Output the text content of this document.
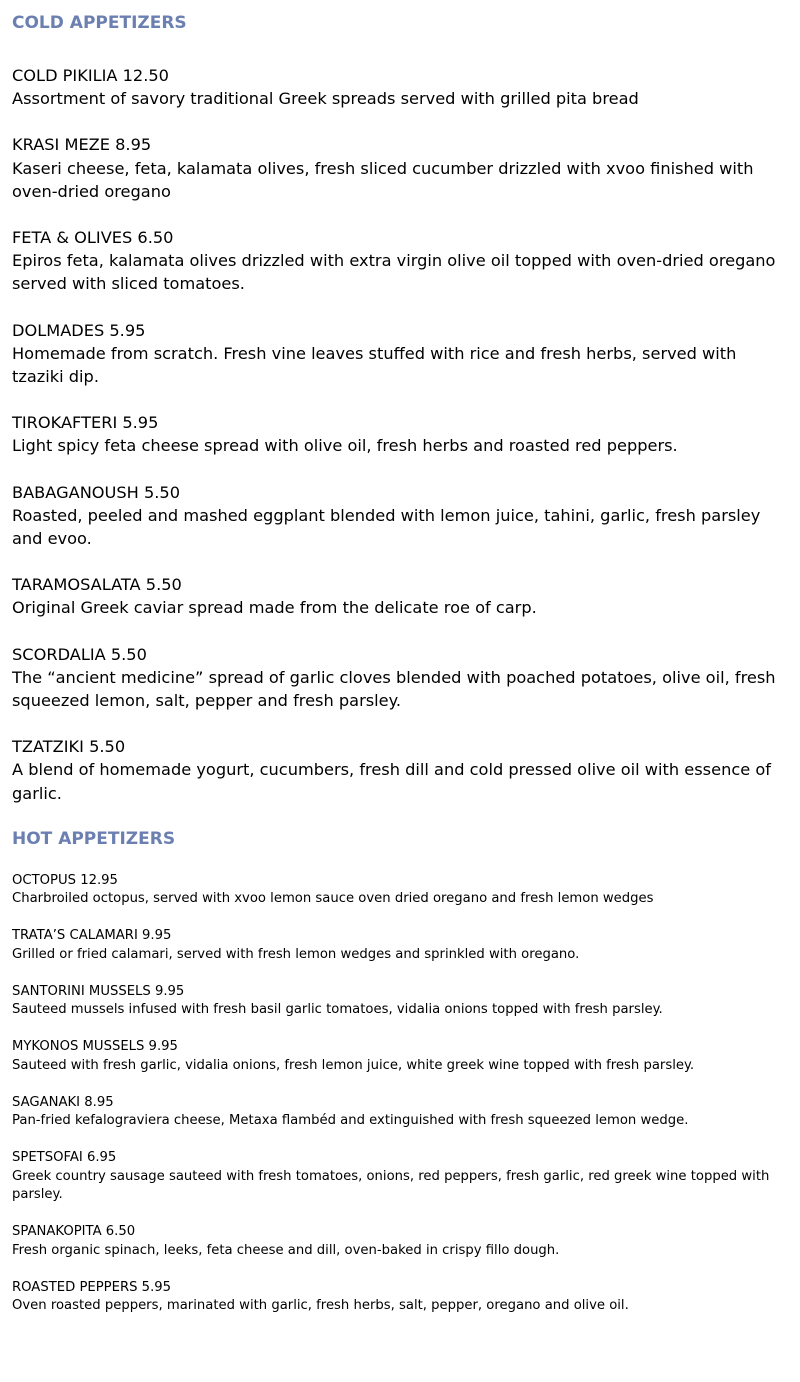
COLD APPETIZERS
COLD PIKILIA 12.50
Assortment of savory traditional Greek spreads served with grilled pita bread
KRASI MEZE 8.95
Kaseri cheese, feta, kalamata olives, fresh sliced cucumber drizzled with xvoo finished with oven-dried oregano
FETA & OLIVES 6.50
Epiros feta, kalamata olives drizzled with extra virgin olive oil topped with oven-dried oregano served with sliced tomatoes.
DOLMADES 5.95
Homemade from scratch. Fresh vine leaves stuffed with rice and fresh herbs, served with tzaziki dip.
TIROKAFTERI 5.95
Light spicy feta cheese spread with olive oil, fresh herbs and roasted red peppers.
BABAGANOUSH 5.50
Roasted, peeled and mashed eggplant blended with lemon juice, tahini, garlic, fresh parsley and evoo.
TARAMOSALATA 5.50
Original Greek caviar spread made from the delicate roe of carp.
SCORDALIA 5.50
The “ancient medicine” spread of garlic cloves blended with poached potatoes, olive oil, fresh squeezed lemon, salt, pepper and fresh parsley.
TZATZIKI 5.50
A blend of homemade yogurt, cucumbers, fresh dill and cold pressed olive oil with essence of garlic.
HOT APPETIZERS
OCTOPUS 12.95
Charbroiled octopus, served with xvoo lemon sauce oven dried oregano and fresh lemon wedges
TRATA’S CALAMARI 9.95
Grilled or fried calamari, served with fresh lemon wedges and sprinkled with oregano.
SANTORINI MUSSELS 9.95
Sauteed mussels infused with fresh basil garlic tomatoes, vidalia onions topped with fresh parsley.
MYKONOS MUSSELS 9.95
Sauteed with fresh garlic, vidalia onions, fresh lemon juice, white greek wine topped with fresh parsley.
SAGANAKI 8.95
Pan-fried kefalograviera cheese, Metaxa flambéd and extinguished with fresh squeezed lemon wedge.
SPETSOFAI 6.95
Greek country sausage sauteed with fresh tomatoes, onions, red peppers, fresh garlic, red greek wine topped with parsley.
SPANAKOPITA 6.50
Fresh organic spinach, leeks, feta cheese and dill, oven-baked in crispy fillo dough.
ROASTED PEPPERS 5.95
Oven roasted peppers, marinated with garlic, fresh herbs, salt, pepper, oregano and olive oil.
